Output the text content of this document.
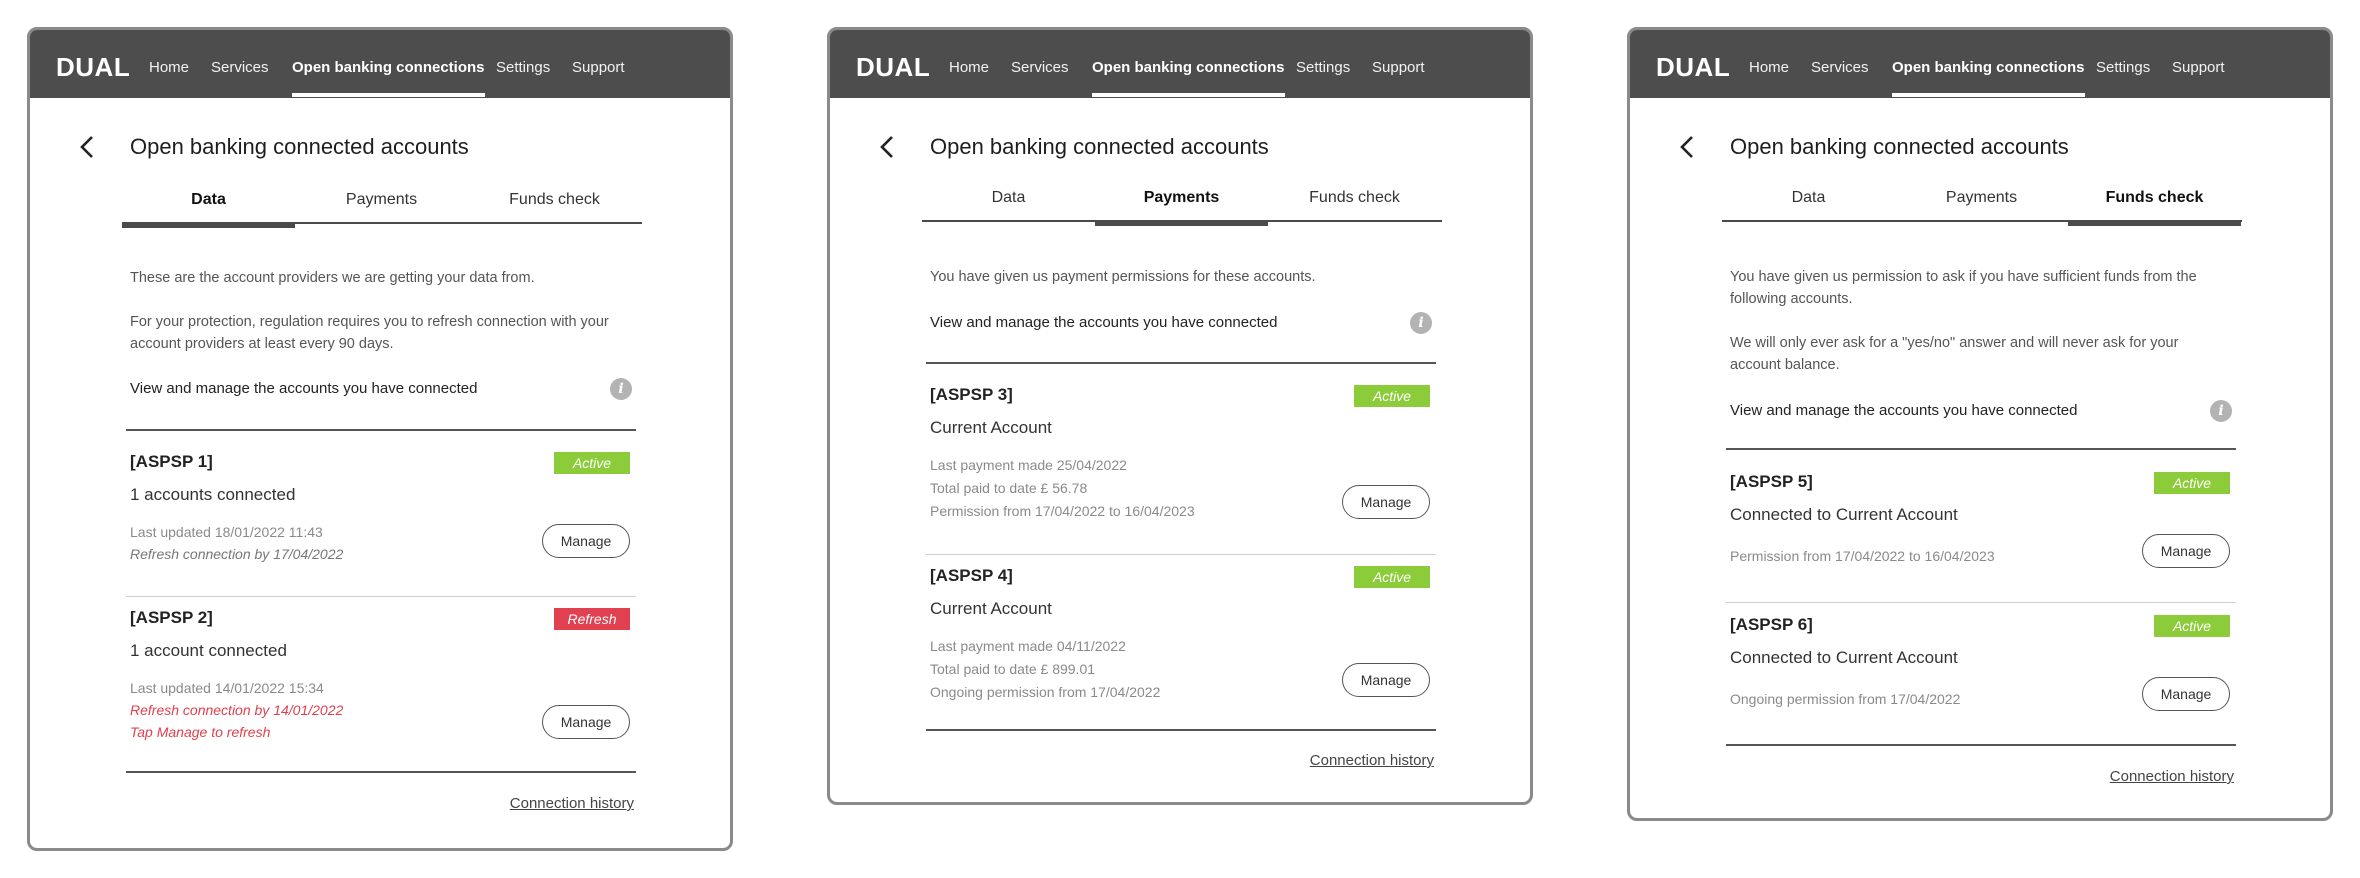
DUAL Home Services Open banking connections Settings Support
Open banking connected accounts
Data	Payments	Funds check
These are the account providers we are getting your data from.
For your protection, regulation requires you to refresh connection with your account providers at least every 90 days.
View and manage the accounts you have connected	i
[ASPSP 1]	Active
1 accounts connected
Last updated 18/01/2022 11:43
Refresh connection by 17/04/2022
Manage
[ASPSP 2]	Refresh
1 account connected
Last updated 14/01/2022 15:34
Refresh connection by 14/01/2022
Tap Manage to refresh
Manage
Connection history
DUAL Home Services Open banking connections Settings Support
Open banking connected accounts
Data	Payments	Funds check
You have given us payment permissions for these accounts.
View and manage the accounts you have connected	i
[ASPSP 3]	Active
Current Account
Last payment made 25/04/2022
Total paid to date £ 56.78
Permission from 17/04/2022 to 16/04/2023
Manage
[ASPSP 4]	Active
Current Account
Last payment made 04/11/2022
Total paid to date £ 899.01
Ongoing permission from 17/04/2022
Manage
Connection history
DUAL Home Services Open banking connections Settings Support
Open banking connected accounts
Data	Payments	Funds check
You have given us permission to ask if you have sufficient funds from the following accounts.
We will only ever ask for a "yes/no" answer and will never ask for your account balance.
View and manage the accounts you have connected	i
[ASPSP 5]	Active
Connected to Current Account
Permission from 17/04/2022 to 16/04/2023	Manage
[ASPSP 6]	Active
Connected to Current Account
Ongoing permission from 17/04/2022	Manage
Connection history
